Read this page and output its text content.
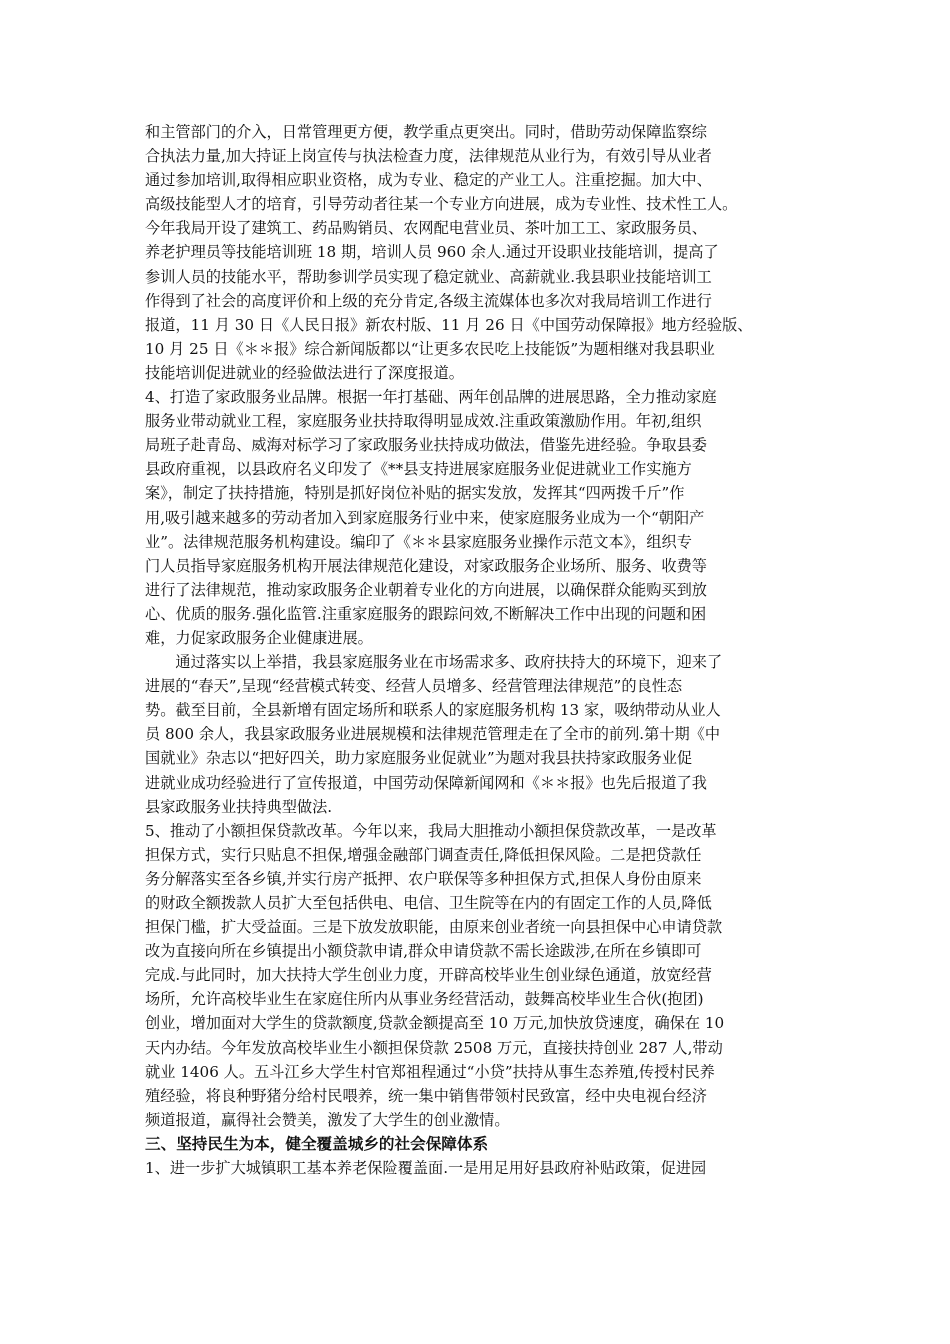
和主管部门的介入，日常管理更方便，教学重点更突出。同时，借助劳动保障监察综
合执法力量,加大持证上岗宣传与执法检查力度，法律规范从业行为，有效引导从业者
通过参加培训,取得相应职业资格，成为专业、稳定的产业工人。注重挖掘。加大中、
高级技能型人才的培育，引导劳动者往某一个专业方向进展，成为专业性、技术性工人。
今年我局开设了建筑工、药品购销员、农网配电营业员、茶叶加工工、家政服务员、
养老护理员等技能培训班 18 期，培训人员 960 余人.通过开设职业技能培训，提高了
参训人员的技能水平，帮助参训学员实现了稳定就业、高薪就业.我县职业技能培训工
作得到了社会的高度评价和上级的充分肯定,各级主流媒体也多次对我局培训工作进行
报道，11 月 30 日《人民日报》新农村版、11 月 26 日《中国劳动保障报》地方经验版、
10 月 25 日《＊＊报》综合新闻版都以“让更多农民吃上技能饭”为题相继对我县职业
技能培训促进就业的经验做法进行了深度报道。
4、打造了家政服务业品牌。根据一年打基础、两年创品牌的进展思路，全力推动家庭
服务业带动就业工程，家庭服务业扶持取得明显成效.注重政策激励作用。年初,组织
局班子赴青岛、威海对标学习了家政服务业扶持成功做法，借鉴先进经验。争取县委
县政府重视，以县政府名义印发了《**县支持进展家庭服务业促进就业工作实施方
案》，制定了扶持措施，特别是抓好岗位补贴的据实发放，发挥其“四两拨千斤”作
用,吸引越来越多的劳动者加入到家庭服务行业中来，使家庭服务业成为一个“朝阳产
业”。法律规范服务机构建设。编印了《＊＊县家庭服务业操作示范文本》，组织专
门人员指导家庭服务机构开展法律规范化建设，对家政服务企业场所、服务、收费等
进行了法律规范，推动家政服务企业朝着专业化的方向进展，以确保群众能购买到放
心、优质的服务.强化监管.注重家庭服务的跟踪问效,不断解决工作中出现的问题和困
难，力促家政服务企业健康进展。
　　通过落实以上举措，我县家庭服务业在市场需求多、政府扶持大的环境下，迎来了
进展的“春天”,呈现“经营模式转变、经营人员增多、经营管理法律规范”的良性态
势。截至目前，全县新增有固定场所和联系人的家庭服务机构 13 家，吸纳带动从业人
员 800 余人，我县家政服务业进展规模和法律规范管理走在了全市的前列.第十期《中
国就业》杂志以“把好四关，助力家庭服务业促就业”为题对我县扶持家政服务业促
进就业成功经验进行了宣传报道，中国劳动保障新闻网和《＊＊报》也先后报道了我
县家政服务业扶持典型做法.
5、推动了小额担保贷款改革。今年以来，我局大胆推动小额担保贷款改革，一是改革
担保方式，实行只贴息不担保,增强金融部门调查责任,降低担保风险。二是把贷款任
务分解落实至各乡镇,并实行房产抵押、农户联保等多种担保方式,担保人身份由原来
的财政全额拨款人员扩大至包括供电、电信、卫生院等在内的有固定工作的人员,降低
担保门槛，扩大受益面。三是下放发放职能，由原来创业者统一向县担保中心申请贷款
改为直接向所在乡镇提出小额贷款申请,群众申请贷款不需长途跋涉,在所在乡镇即可
完成.与此同时，加大扶持大学生创业力度，开辟高校毕业生创业绿色通道，放宽经营
场所，允许高校毕业生在家庭住所内从事业务经营活动，鼓舞高校毕业生合伙(抱团)
创业，增加面对大学生的贷款额度,贷款金额提高至 10 万元,加快放贷速度，确保在 10
天内办结。今年发放高校毕业生小额担保贷款 2508 万元，直接扶持创业 287 人,带动
就业 1406 人。五斗江乡大学生村官郑祖程通过“小贷”扶持从事生态养殖,传授村民养
殖经验，将良种野猪分给村民喂养，统一集中销售带领村民致富，经中央电视台经济
频道报道，赢得社会赞美，激发了大学生的创业激情。
三、坚持民生为本，健全覆盖城乡的社会保障体系
1、进一步扩大城镇职工基本养老保险覆盖面.一是用足用好县政府补贴政策，促进园
